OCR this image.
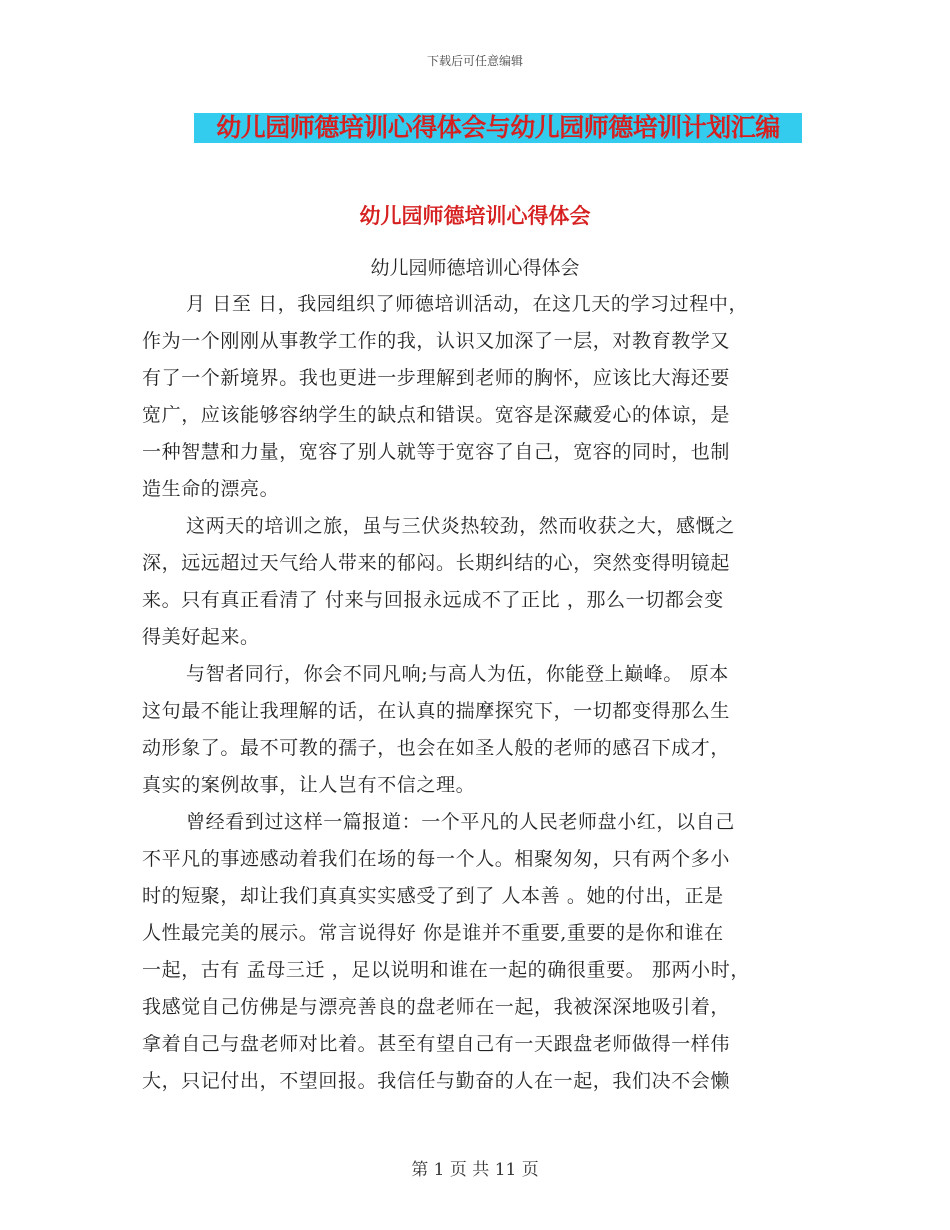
下载后可任意编辑
幼儿园师德培训心得体会与幼儿园师德培训计划汇编
幼儿园师德培训心得体会
幼儿园师德培训心得体会
月 日至 日，我园组织了师德培训活动，在这几天的学习过程中，
作为一个刚刚从事教学工作的我，认识又加深了一层，对教育教学又
有了一个新境界。我也更进一步理解到老师的胸怀，应该比大海还要
宽广，应该能够容纳学生的缺点和错误。宽容是深藏爱心的体谅，是
一种智慧和力量，宽容了别人就等于宽容了自己，宽容的同时，也制
造生命的漂亮。
这两天的培训之旅，虽与三伏炎热较劲，然而收获之大，感慨之
深，远远超过天气给人带来的郁闷。长期纠结的心，突然变得明镜起
来。只有真正看清了 付来与回报永远成不了正比 ，那么一切都会变
得美好起来。
与智者同行，你会不同凡响;与高人为伍，你能登上巅峰。 原本
这句最不能让我理解的话，在认真的揣摩探究下，一切都变得那么生
动形象了。最不可教的孺子，也会在如圣人般的老师的感召下成才，
真实的案例故事，让人岂有不信之理。
曾经看到过这样一篇报道：一个平凡的人民老师盘小红，以自己
不平凡的事迹感动着我们在场的每一个人。相聚匆匆，只有两个多小
时的短聚，却让我们真真实实感受了到了 人本善 。她的付出，正是
人性最完美的展示。常言说得好 你是谁并不重要,重要的是你和谁在
一起，古有 孟母三迁 ，足以说明和谁在一起的确很重要。 那两小时，
我感觉自己仿佛是与漂亮善良的盘老师在一起，我被深深地吸引着，
拿着自己与盘老师对比着。甚至有望自己有一天跟盘老师做得一样伟
大，只记付出，不望回报。我信任与勤奋的人在一起，我们决不会懒
第 1 页 共 11 页
